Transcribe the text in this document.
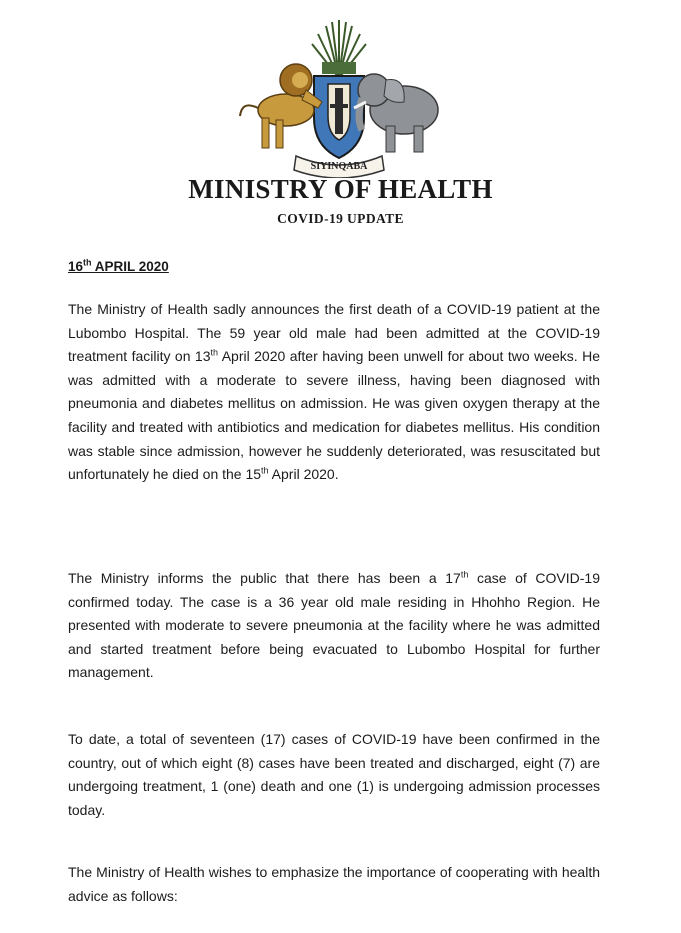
SIYINQABA
MINISTRY OF HEALTH
COVID-19 UPDATE
16th APRIL 2020
The Ministry of Health sadly announces the first death of a COVID-19 patient at the Lubombo Hospital. The 59 year old male had been admitted at the COVID-19 treatment facility on 13th April 2020 after having been unwell for about two weeks. He was admitted with a moderate to severe illness, having been diagnosed with pneumonia and diabetes mellitus on admission. He was given oxygen therapy at the facility and treated with antibiotics and medication for diabetes mellitus. His condition was stable since admission, however he suddenly deteriorated, was resuscitated but unfortunately he died on the 15th April 2020.
The Ministry informs the public that there has been a 17th case of COVID-19 confirmed today. The case is a 36 year old male residing in Hhohho Region. He presented with moderate to severe pneumonia at the facility where he was admitted and started treatment before being evacuated to Lubombo Hospital for further management.
To date, a total of seventeen (17) cases of COVID-19 have been confirmed in the country, out of which eight (8) cases have been treated and discharged, eight (7) are undergoing treatment, 1 (one) death and one (1) is undergoing admission processes today.
The Ministry of Health wishes to emphasize the importance of cooperating with health advice as follows:
